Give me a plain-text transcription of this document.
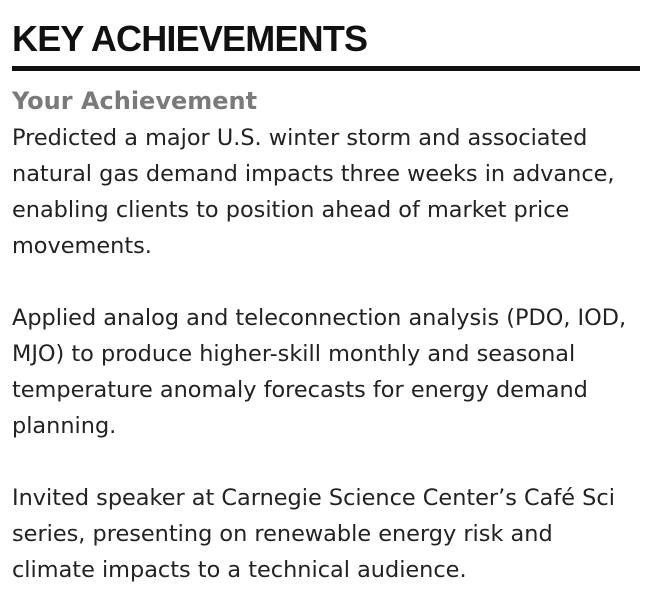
KEY ACHIEVEMENTS
Your Achievement
Predicted a major U.S. winter storm and associated natural gas demand impacts three weeks in advance, enabling clients to position ahead of market price movements.
Applied analog and teleconnection analysis (PDO, IOD, MJO) to produce higher-skill monthly and seasonal temperature anomaly forecasts for energy demand planning.
Invited speaker at Carnegie Science Center’s Café Sci series, presenting on renewable energy risk and climate impacts to a technical audience.
